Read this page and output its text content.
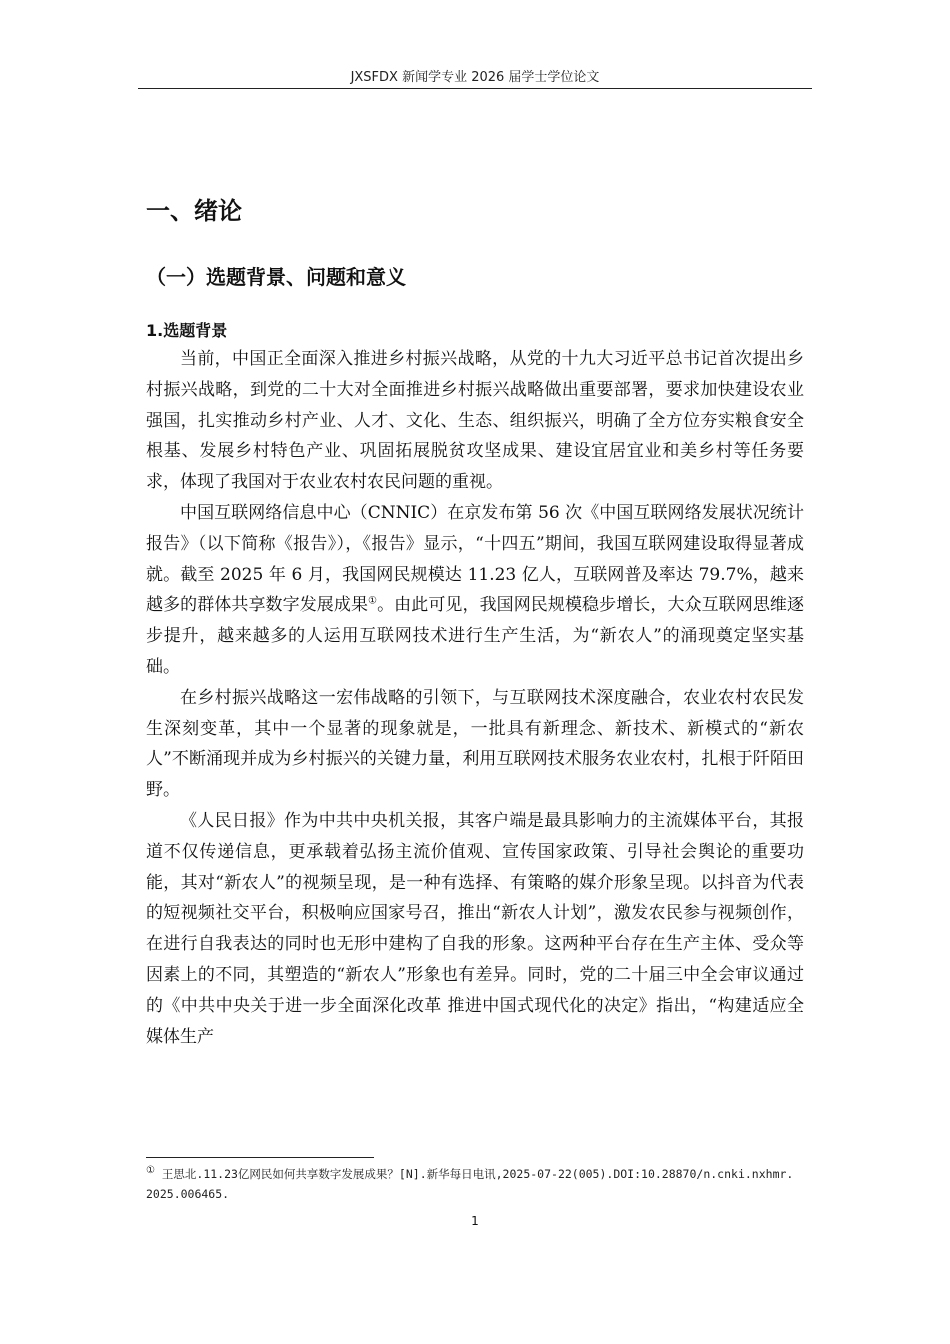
JXSFDX 新闻学专业 2026 届学士学位论文
一、绪论
（一）选题背景、问题和意义
1.选题背景

当前，中国正全面深入推进乡村振兴战略，从党的十九大习近平总书记首次提出乡村振兴战略，到党的二十大对全面推进乡村振兴战略做出重要部署，要求加快建设农业强国，扎实推动乡村产业、人才、文化、生态、组织振兴，明确了全方位夯实粮食安全根基、发展乡村特色产业、巩固拓展脱贫攻坚成果、建设宜居宜业和美乡村等任务要求，体现了我国对于农业农村农民问题的重视。

中国互联网络信息中心（CNNIC）在京发布第 56 次《中国互联网络发展状况统计报告》（以下简称《报告》），《报告》显示，“十四五”期间，我国互联网建设取得显著成就。截至 2025 年 6 月，我国网民规模达 11.23 亿人，互联网普及率达 79.7%，越来越多的群体共享数字发展成果①。由此可见，我国网民规模稳步增长，大众互联网思维逐步提升，越来越多的人运用互联网技术进行生产生活，为“新农人”的涌现奠定坚实基础。

在乡村振兴战略这一宏伟战略的引领下，与互联网技术深度融合，农业农村农民发生深刻变革，其中一个显著的现象就是，一批具有新理念、新技术、新模式的“新农人”不断涌现并成为乡村振兴的关键力量，利用互联网技术服务农业农村，扎根于阡陌田野。

《人民日报》作为中共中央机关报，其客户端是最具影响力的主流媒体平台，其报道不仅传递信息，更承载着弘扬主流价值观、宣传国家政策、引导社会舆论的重要功能，其对“新农人”的视频呈现，是一种有选择、有策略的媒介形象呈现。以抖音为代表的短视频社交平台，积极响应国家号召，推出“新农人计划”，激发农民参与视频创作，在进行自我表达的同时也无形中建构了自我的形象。这两种平台存在生产主体、受众等因素上的不同，其塑造的“新农人”形象也有差异。同时，党的二十届三中全会审议通过的《中共中央关于进一步全面深化改革 推进中国式现代化的决定》指出，“构建适应全媒体生产

① 王思北.11.23亿网民如何共享数字发展成果？[N].新华每日电讯,2025-07-22(005).DOI:10.28870/n.cnki.nxhmr.2025.006465.
1
